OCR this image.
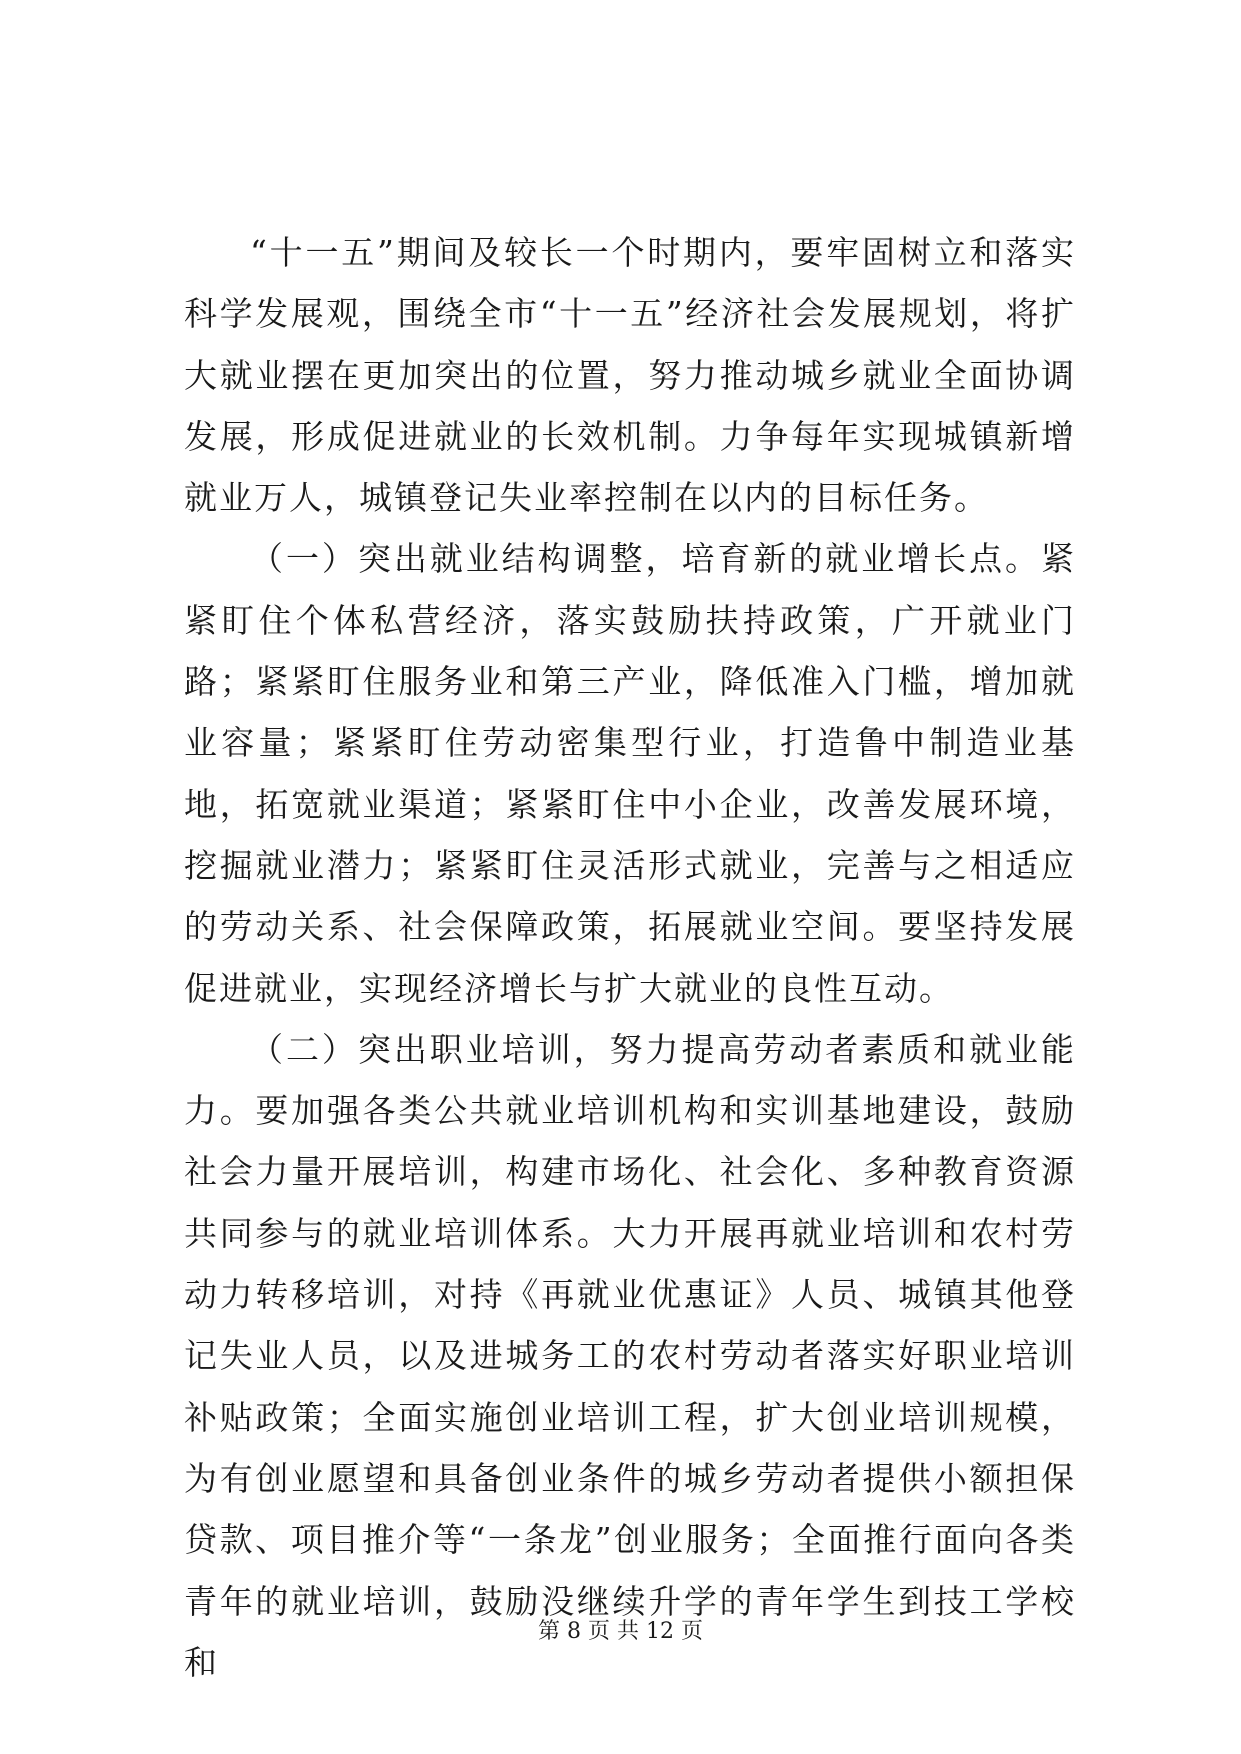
“十一五”期间及较长一个时期内，要牢固树立和落实科学发展观，围绕全市“十一五”经济社会发展规划，将扩大就业摆在更加突出的位置，努力推动城乡就业全面协调发展，形成促进就业的长效机制。力争每年实现城镇新增就业万人，城镇登记失业率控制在以内的目标任务。

（一）突出就业结构调整，培育新的就业增长点。紧紧盯住个体私营经济，落实鼓励扶持政策，广开就业门路；紧紧盯住服务业和第三产业，降低准入门槛，增加就业容量；紧紧盯住劳动密集型行业，打造鲁中制造业基地，拓宽就业渠道；紧紧盯住中小企业，改善发展环境，挖掘就业潜力；紧紧盯住灵活形式就业，完善与之相适应的劳动关系、社会保障政策，拓展就业空间。要坚持发展促进就业，实现经济增长与扩大就业的良性互动。

（二）突出职业培训，努力提高劳动者素质和就业能力。要加强各类公共就业培训机构和实训基地建设，鼓励社会力量开展培训，构建市场化、社会化、多种教育资源共同参与的就业培训体系。大力开展再就业培训和农村劳动力转移培训，对持《再就业优惠证》人员、城镇其他登记失业人员，以及进城务工的农村劳动者落实好职业培训补贴政策；全面实施创业培训工程，扩大创业培训规模，为有创业愿望和具备创业条件的城乡劳动者提供小额担保贷款、项目推介等“一条龙”创业服务；全面推行面向各类青年的就业培训，鼓励没继续升学的青年学生到技工学校和

第 8 页 共 12 页
